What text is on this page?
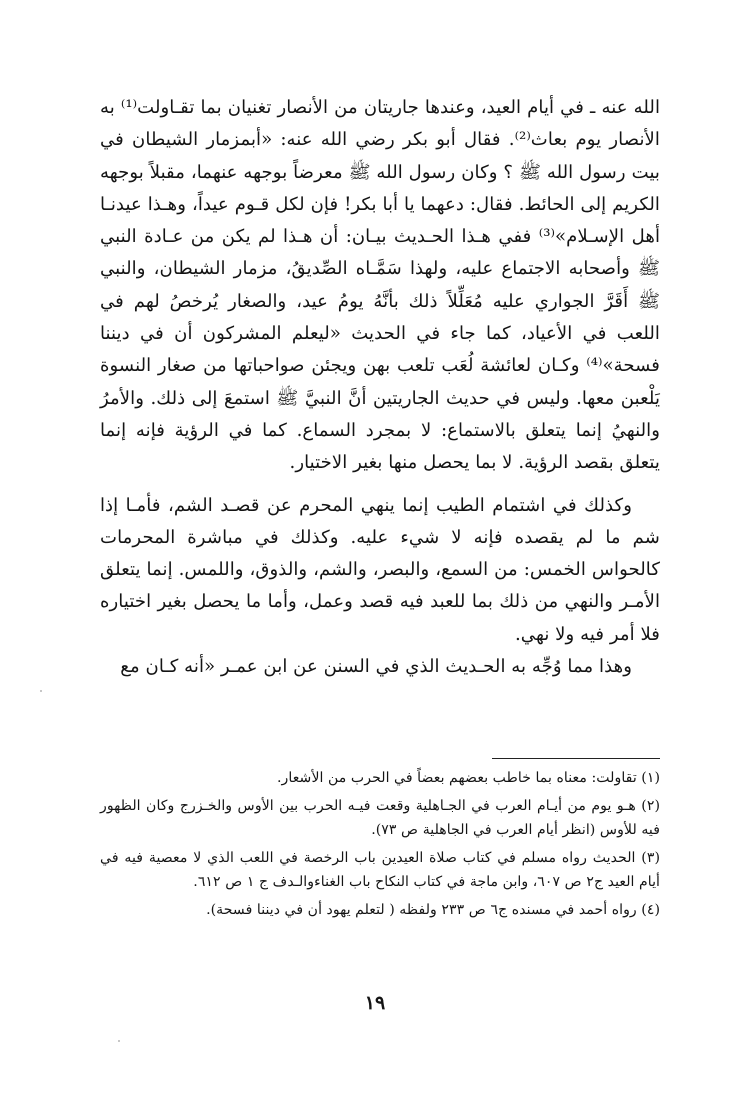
الله عنه ـ في أيام العيد، وعندها جاريتان من الأنصار تغنيان بما تقـاولت⁽¹⁾ به الأنصار يوم بعاث⁽²⁾. فقال أبو بكر رضي الله عنه: «أبمزمار الشيطان في بيت رسول الله ﷺ ؟ وكان رسول الله ﷺ معرضاً بوجهه عنهما، مقبلاً بوجهه الكريم إلى الحائط. فقال: دعهما يا أبا بكر! فإن لكل قـوم عيداً، وهـذا عيدنـا أهل الإسـلام»⁽³⁾ ففي هـذا الحـديث بيـان: أن هـذا لم يكن من عـادة النبي ﷺ وأصحابه الاجتماع عليه، ولهذا سَمَّـاه الصِّديقُ، مزمار الشيطان، والنبي ﷺ أَقَرَّ الجواري عليه مُعَلِّلاً ذلك بأنَّهُ يومُ عيد، والصغار يُرخصُ لهم في اللعب في الأعياد، كما جاء في الحديث «ليعلم المشركون أن في ديننا فسحة»⁽⁴⁾ وكـان لعائشة لُعَب تلعب بهن ويجئن صواحباتها من صغار النسوة يَلْعبن معها. وليس في حديث الجاريتين أنَّ النبيَّ ﷺ استمعَ إلى ذلك. والأمرُ والنهيُ إنما يتعلق بالاستماع: لا بمجرد السماع. كما في الرؤية فإنه إنما يتعلق بقصد الرؤية. لا بما يحصل منها بغير الاختيار.

وكذلك في اشتمام الطيب إنما ينهي المحرم عن قصـد الشم، فأمـا إذا شم ما لم يقصده فإنه لا شيء عليه. وكذلك في مباشرة المحرمات كالحواس الخمس: من السمع، والبصر، والشم، والذوق، واللمس. إنما يتعلق الأمـر والنهي من ذلك بما للعبد فيه قصد وعمل، وأما ما يحصل بغير اختياره فلا أمر فيه ولا نهي.

وهذا مما وُجِّه به الحـديث الذي في السنن عن ابن عمـر «أنه كـان مع

(١) تقاولت: معناه بما خاطب بعضهم بعضاً في الحرب من الأشعار.

(٢) هـو يوم من أيـام العرب في الجـاهلية وقعت فيـه الحرب بين الأوس والخـزرج وكان الظهور فيه للأوس (انظر أيام العرب في الجاهلية ص ٧٣).

(٣) الحديث رواه مسلم في كتاب صلاة العيدين باب الرخصة في اللعب الذي لا معصية فيه في أيام العيد ج٢ ص ٦٠٧، وابن ماجة في كتاب النكاح باب الغناءوالـدف ج ١ ص ٦١٢.

(٤) رواه أحمد في مسنده ج٦ ص ٢٣٣ ولفظه ( لتعلم يهود أن في ديننا فسحة).

١٩
